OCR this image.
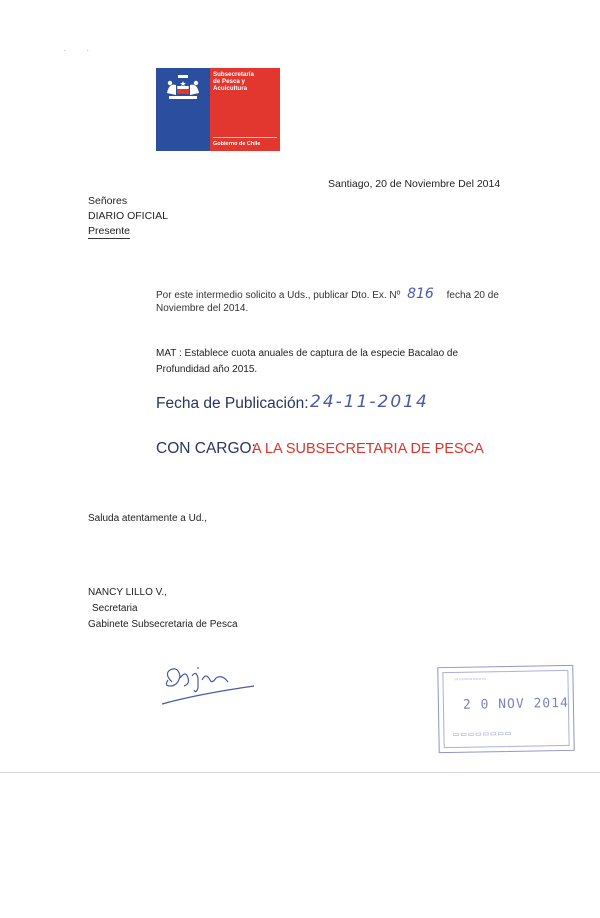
·           ·
Subsecretaría
de Pesca y
Acuicultura
Gobierno de Chile
Santiago, 20 de Noviembre Del 2014
Señores
DIARIO OFICIAL
Presente
Por este intermedio solicito a Uds., publicar Dto. Ex. Nº 816 fecha 20 de
Noviembre del 2014.
MAT : Establece cuota anuales de captura de la especie Bacalao de
Profundidad año 2015.
Fecha de Publicación: 24-11-2014
CON CARGO:
A LA SUBSECRETARIA DE PESCA
Saluda atentamente a Ud.,
NANCY LILLO V.,
Secretaria
Gabinete Subsecretaria de Pesca
▭▭▭▭▭▭▭
2 0 NOV 2014
▭▭▭▭▭▭▭▭
